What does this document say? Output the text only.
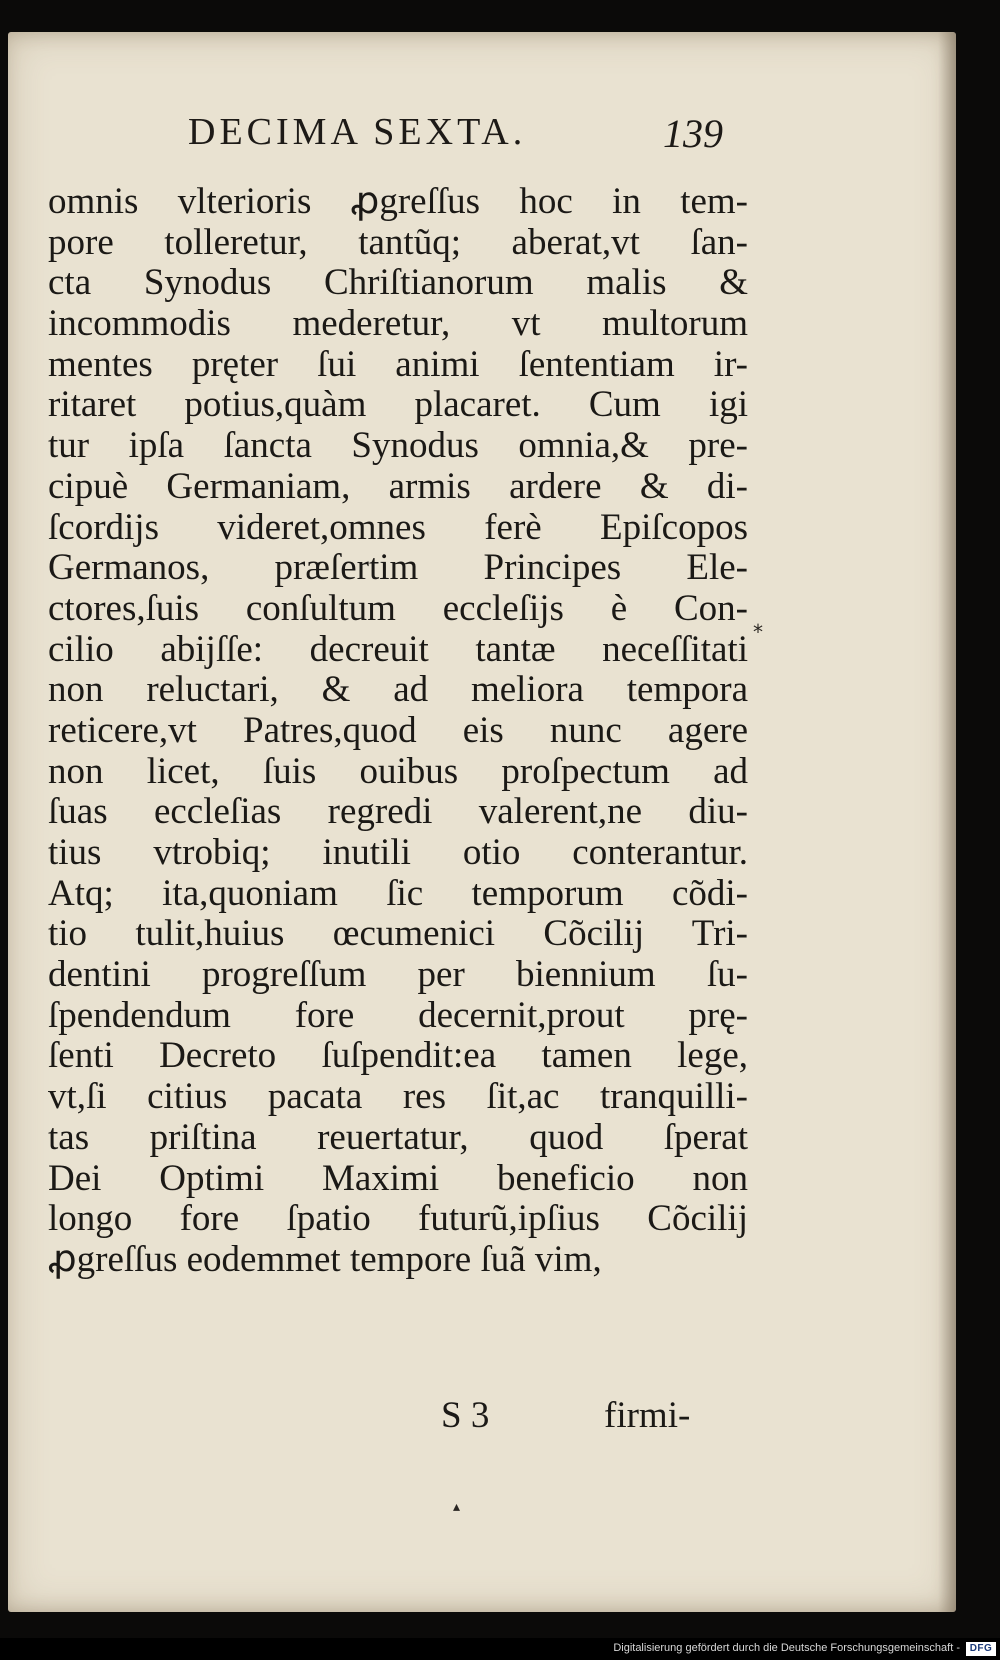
DECIMA SEXTA.	139
omnis vlterioris ꝓgreſſus hoc in tem-
pore tolleretur, tantũq; aberat,vt ſan-
cta Synodus Chriſtianorum malis &
incommodis mederetur, vt multorum
mentes pręter ſui animi ſententiam ir-
ritaret potius,quàm placaret. Cum igi
tur ipſa ſancta Synodus omnia,& pre-
cipuè Germaniam, armis ardere & di-
ſcordijs videret,omnes ferè Epiſcopos
Germanos, præſertim Principes Ele-
ctores,ſuis conſultum eccleſijs è Con-
cilio abijſſe: decreuit tantæ neceſſitati
non reluctari, & ad meliora tempora
reticere,vt Patres,quod eis nunc agere
non licet, ſuis ouibus proſpectum ad
ſuas eccleſias regredi valerent,ne diu-
tius vtrobiq; inutili otio conterantur.
Atq; ita,quoniam ſic temporum cõdi-
tio tulit,huius œcumenici Cõcilij Tri-
dentini progreſſum per biennium ſu-
ſpendendum fore decernit,prout prę-
ſenti Decreto ſuſpendit:ea tamen lege,
vt,ſi citius pacata res ſit,ac tranquilli-
tas priſtina reuertatur, quod ſperat
Dei Optimi Maximi beneficio non
longo fore ſpatio futurũ,ipſius Cõcilij
ꝓgreſſus eodemmet tempore ſuã vim,
S 3	firmi-
*
▴
Digitalisierung gefördert durch die Deutsche Forschungsgemeinschaft - DFG
